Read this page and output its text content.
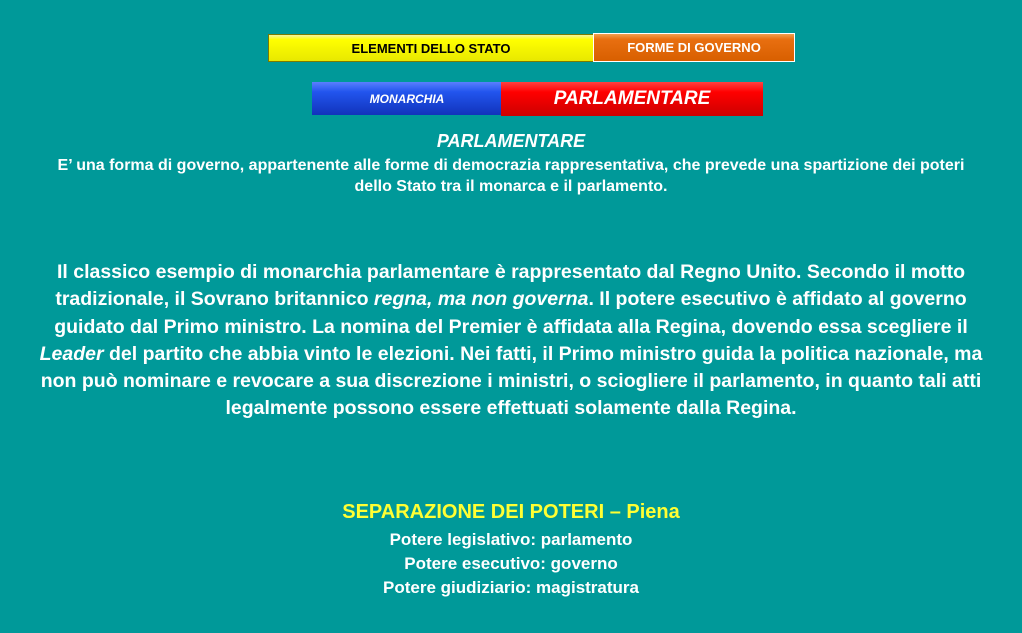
ELEMENTI DELLO STATO	FORME DI GOVERNO
MONARCHIA	PARLAMENTARE
PARLAMENTARE
E’ una forma di governo, appartenente alle forme di democrazia rappresentativa, che prevede una spartizione dei poteri dello Stato tra il monarca e il parlamento.
Il classico esempio di monarchia parlamentare è rappresentato dal Regno Unito. Secondo il motto tradizionale, il Sovrano britannico regna, ma non governa. Il potere esecutivo è affidato al governo guidato dal Primo ministro. La nomina del Premier è affidata alla Regina, dovendo essa scegliere il Leader del partito che abbia vinto le elezioni. Nei fatti, il Primo ministro guida la politica nazionale, ma non può nominare e revocare a sua discrezione i ministri, o sciogliere il parlamento, in quanto tali atti legalmente possono essere effettuati solamente dalla Regina.
SEPARAZIONE DEI POTERI – Piena
Potere legislativo: parlamento
Potere esecutivo: governo
Potere giudiziario: magistratura
